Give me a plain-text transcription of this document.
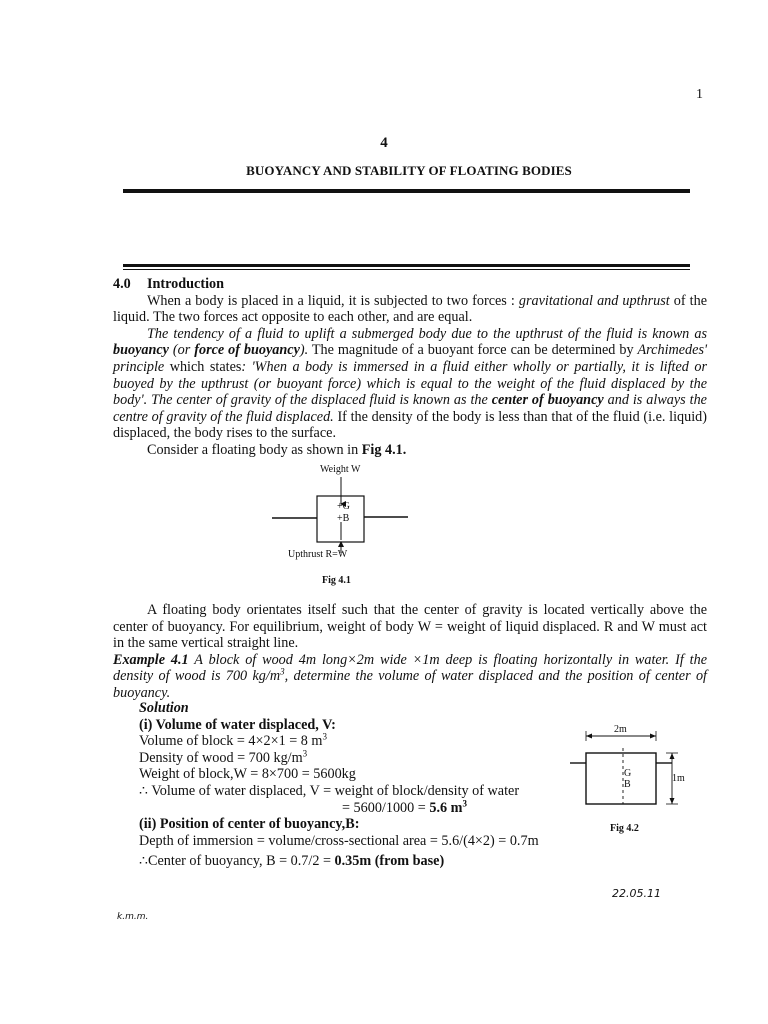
1
4
BUOYANCY AND STABILITY OF FLOATING BODIES

4.0 Introduction

When a body is placed in a liquid, it is subjected to two forces : gravitational and upthrust of the liquid. The two forces act opposite to each other, and are equal.

The tendency of a fluid to uplift a submerged body due to the upthrust of the fluid is known as buoyancy (or force of buoyancy). The magnitude of a buoyant force can be determined by Archimedes' principle which states: 'When a body is immersed in a fluid either wholly or partially, it is lifted or buoyed by the upthrust (or buoyant force) which is equal to the weight of the fluid displaced by the body'. The center of gravity of the displaced fluid is known as the center of buoyancy and is always the centre of gravity of the fluid displaced. If the density of the body is less than that of the fluid (i.e. liquid) displaced, the body rises to the surface.

Consider a floating body as shown in Fig 4.1.

Weight W
+G
+B
Upthrust R=W
Fig 4.1

A floating body orientates itself such that the center of gravity is located vertically above the center of buoyancy. For equilibrium, weight of body W = weight of liquid displaced. R and W must act in the same vertical straight line.

Example 4.1 A block of wood 4m long×2m wide ×1m deep is floating horizontally in water. If the density of wood is 700 $kg/m^3$, determine the volume of water displaced and the position of center of buoyancy.

Solution
(i) Volume of water displaced, V:
Volume of block = 4×2×1 = 8 $m^3$
Density of wood = 700 $kg/m^3$
Weight of block,W = 8×700 = 5600kg
∴ Volume of water displaced, V = weight of block/density of water
= 5600/1000 = 5.6 $m^3$
(ii) Position of center of buoyancy,B:
Depth of immersion = volume/cross-sectional area = 5.6/(4×2) = 0.7m
∴Center of buoyancy, B = 0.7/2 = 0.35m (from base)
2m
1m
G
B
Fig 4.2
22.05.11
k.m.m.
